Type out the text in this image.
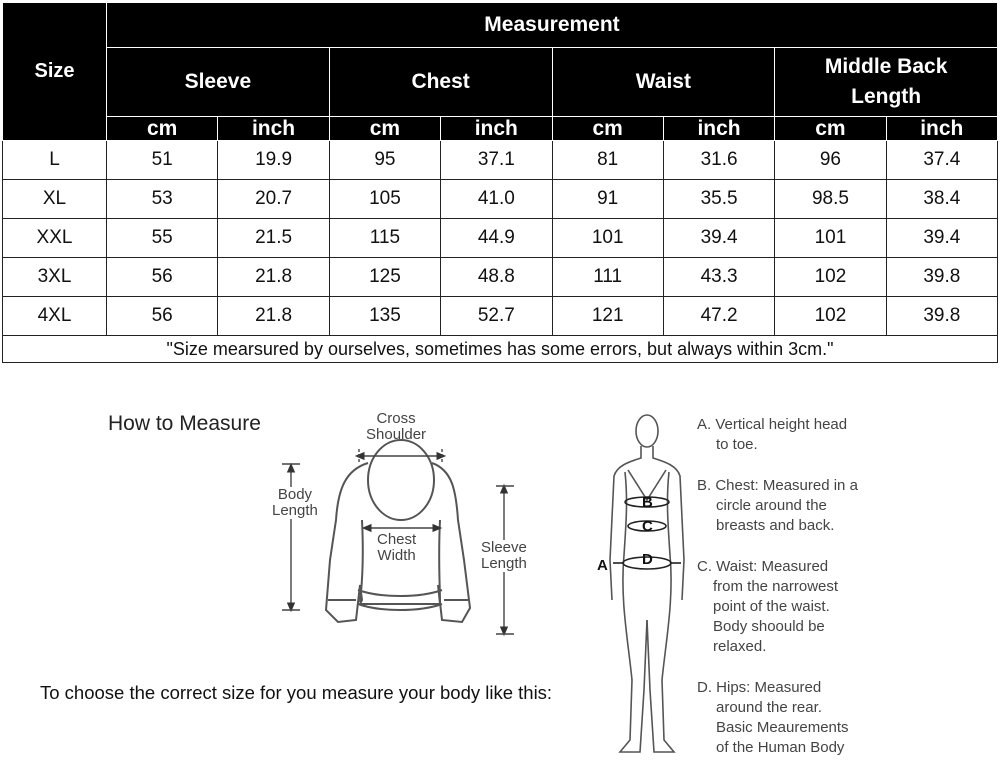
Size	Measurement							
	Sleeve		Chest		Waist		Middle Back
Length	
	cm	inch	cm	inch	cm	inch	cm	inch
L	51	19.9	95	37.1	81	31.6	96	37.4
XL	53	20.7	105	41.0	91	35.5	98.5	38.4
XXL	55	21.5	115	44.9	101	39.4	101	39.4
3XL	56	21.8	125	48.8	111	43.3	102	39.8
4XL	56	21.8	135	52.7	121	47.2	102	39.8
"Size mearsured by ourselves, sometimes has some errors, but always within 3cm."								
How to Measure	Cross
Shoulder
Body
Length
Chest
Width	Sleeve
Length	A
B
C
D
A. Vertical height head
to toe.
B. Chest: Measured in a
circle around the
breasts and back.
C. Waist: Measured
from the narrowest
point of the waist.
Body shoould be
relaxed.
D. Hips: Measured
around the rear.
Basic Meaurements
of the Human Body
To choose the correct size for you measure your body like this:
